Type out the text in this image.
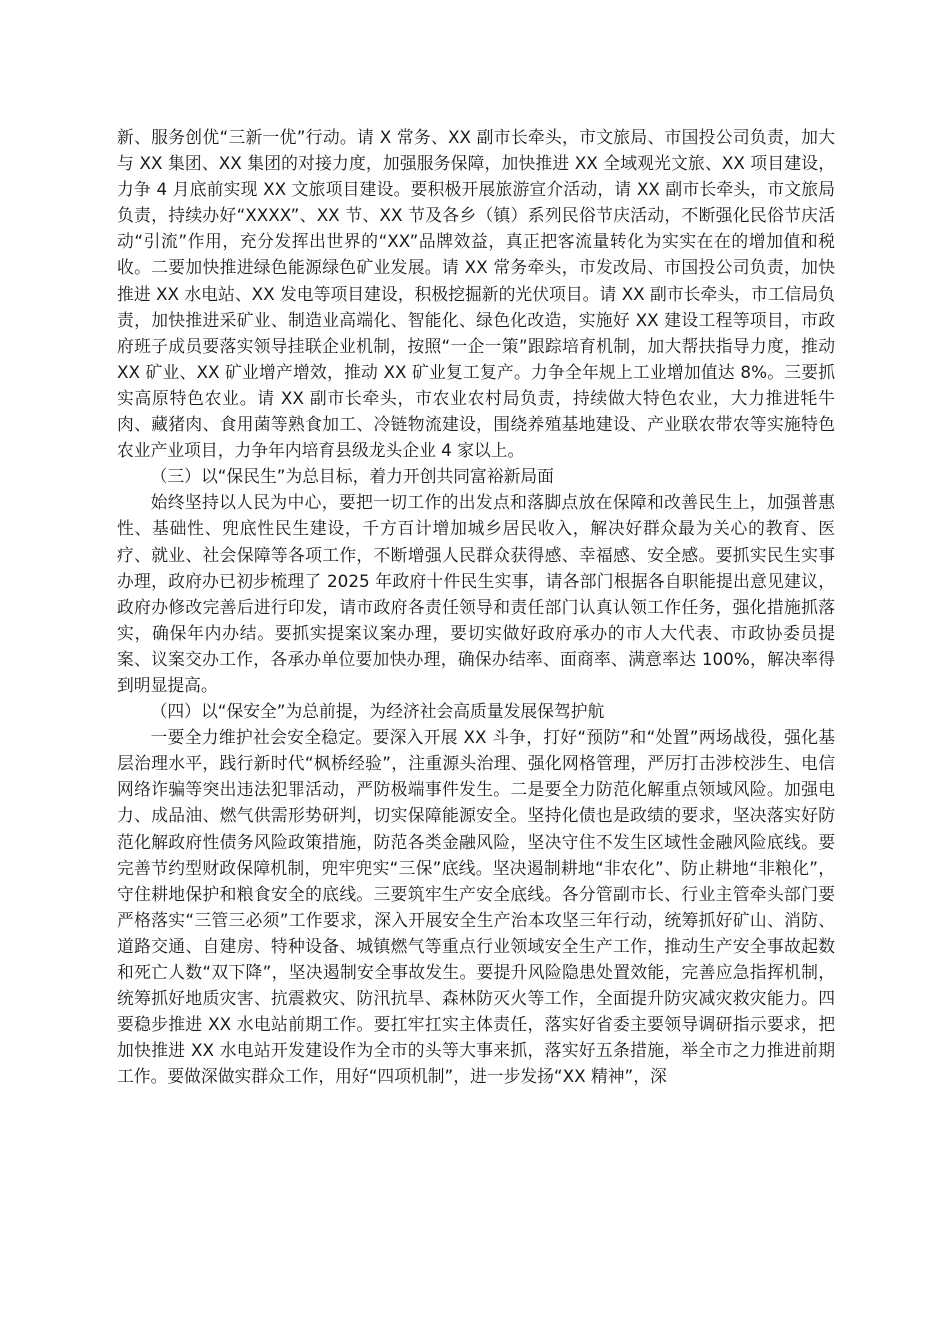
新、服务创优“三新一优”行动。请 X 常务、XX 副市长牵头，市文旅局、市国投公司负责，加大与 XX 集团、XX 集团的对接力度，加强服务保障，加快推进 XX 全域观光文旅、XX 项目建设，力争 4 月底前实现 XX 文旅项目建设。要积极开展旅游宣介活动，请 XX 副市长牵头，市文旅局负责，持续办好“XXXX”、XX 节、XX 节及各乡（镇）系列民俗节庆活动，不断强化民俗节庆活动“引流”作用，充分发挥出世界的“XX”品牌效益，真正把客流量转化为实实在在的增加值和税收。二要加快推进绿色能源绿色矿业发展。请 XX 常务牵头，市发改局、市国投公司负责，加快推进 XX 水电站、XX 发电等项目建设，积极挖掘新的光伏项目。请 XX 副市长牵头，市工信局负责，加快推进采矿业、制造业高端化、智能化、绿色化改造，实施好 XX 建设工程等项目，市政府班子成员要落实领导挂联企业机制，按照“一企一策”跟踪培育机制，加大帮扶指导力度，推动 XX 矿业、XX 矿业增产增效，推动 XX 矿业复工复产。力争全年规上工业增加值达 8%。三要抓实高原特色农业。请 XX 副市长牵头，市农业农村局负责，持续做大特色农业，大力推进牦牛肉、藏猪肉、食用菌等熟食加工、冷链物流建设，围绕养殖基地建设、产业联农带农等实施特色农业产业项目，力争年内培育县级龙头企业 4 家以上。

（三）以“保民生”为总目标，着力开创共同富裕新局面

始终坚持以人民为中心，要把一切工作的出发点和落脚点放在保障和改善民生上，加强普惠性、基础性、兜底性民生建设，千方百计增加城乡居民收入，解决好群众最为关心的教育、医疗、就业、社会保障等各项工作，不断增强人民群众获得感、幸福感、安全感。要抓实民生实事办理，政府办已初步梳理了 2025 年政府十件民生实事，请各部门根据各自职能提出意见建议，政府办修改完善后进行印发，请市政府各责任领导和责任部门认真认领工作任务，强化措施抓落实，确保年内办结。要抓实提案议案办理，要切实做好政府承办的市人大代表、市政协委员提案、议案交办工作，各承办单位要加快办理，确保办结率、面商率、满意率达 100%，解决率得到明显提高。

（四）以“保安全”为总前提，为经济社会高质量发展保驾护航

一要全力维护社会安全稳定。要深入开展 XX 斗争，打好“预防”和“处置”两场战役，强化基层治理水平，践行新时代“枫桥经验”，注重源头治理、强化网格管理，严厉打击涉校涉生、电信网络诈骗等突出违法犯罪活动，严防极端事件发生。二是要全力防范化解重点领域风险。加强电力、成品油、燃气供需形势研判，切实保障能源安全。坚持化债也是政绩的要求，坚决落实好防范化解政府性债务风险政策措施，防范各类金融风险，坚决守住不发生区域性金融风险底线。要完善节约型财政保障机制，兜牢兜实“三保”底线。坚决遏制耕地“非农化”、防止耕地“非粮化”，守住耕地保护和粮食安全的底线。三要筑牢生产安全底线。各分管副市长、行业主管牵头部门要严格落实“三管三必须”工作要求，深入开展安全生产治本攻坚三年行动，统筹抓好矿山、消防、道路交通、自建房、特种设备、城镇燃气等重点行业领域安全生产工作，推动生产安全事故起数和死亡人数“双下降”，坚决遏制安全事故发生。要提升风险隐患处置效能，完善应急指挥机制，统筹抓好地质灾害、抗震救灾、防汛抗旱、森林防灭火等工作，全面提升防灾减灾救灾能力。四要稳步推进 XX 水电站前期工作。要扛牢扛实主体责任，落实好省委主要领导调研指示要求，把加快推进 XX 水电站开发建设作为全市的头等大事来抓，落实好五条措施，举全市之力推进前期工作。要做深做实群众工作，用好“四项机制”，进一步发扬“XX 精神”，深
